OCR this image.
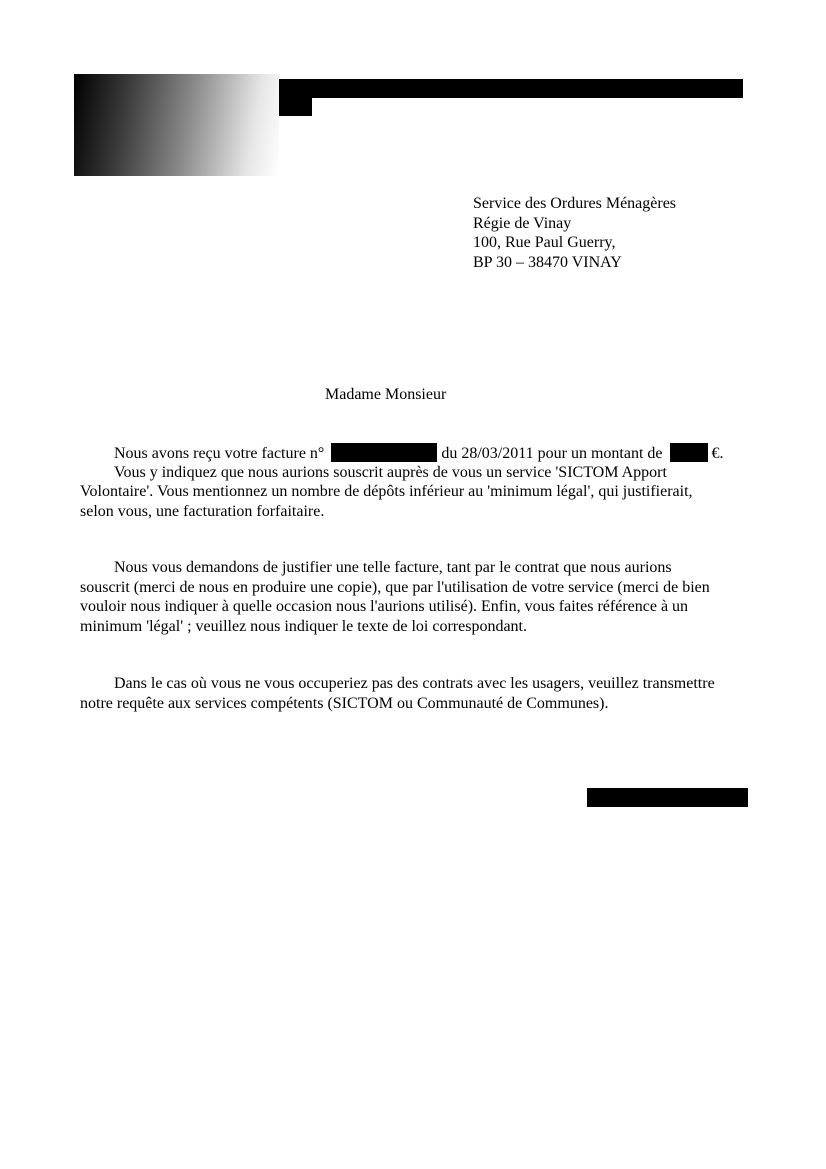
Service des Ordures Ménagères
Régie de Vinay
100, Rue Paul Guerry,
BP 30 – 38470 VINAY
Madame Monsieur
Nous avons reçu votre facture n°	du 28/03/2011 pour un montant de	€.
Vous y indiquez que nous aurions souscrit auprès de vous un service 'SICTOM Apport
Volontaire'. Vous mentionnez un nombre de dépôts inférieur au 'minimum légal', qui justifierait,
selon vous, une facturation forfaitaire.
Nous vous demandons de justifier une telle facture, tant par le contrat que nous aurions
souscrit (merci de nous en produire une copie), que par l'utilisation de votre service (merci de bien
vouloir nous indiquer à quelle occasion nous l'aurions utilisé). Enfin, vous faites référence à un
minimum 'légal' ; veuillez nous indiquer le texte de loi correspondant.
Dans le cas où vous ne vous occuperiez pas des contrats avec les usagers, veuillez transmettre
notre requête aux services compétents (SICTOM ou Communauté de Communes).
